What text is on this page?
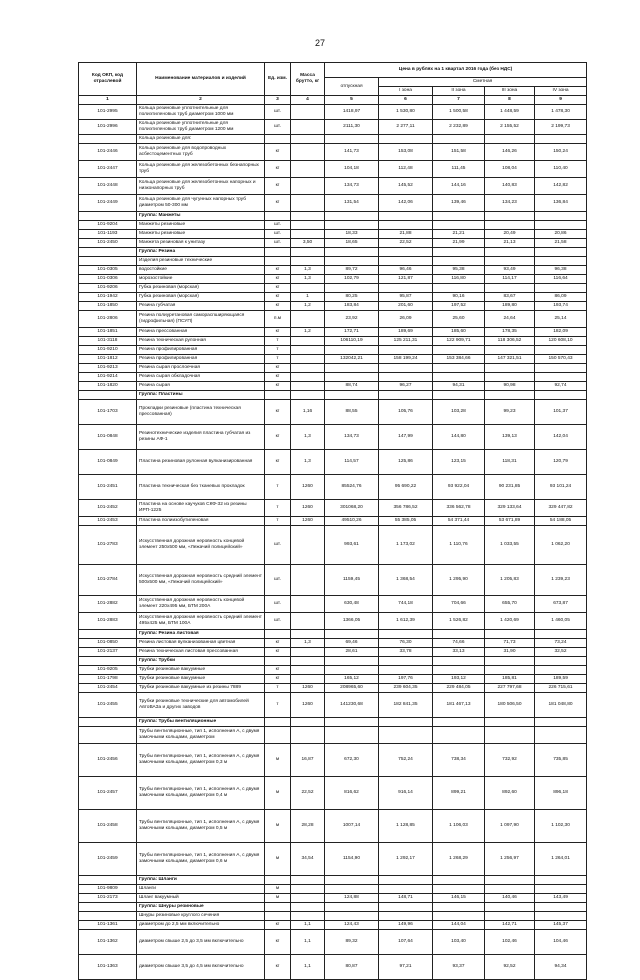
27
Код ОКП, код отраслевой	Наименование материалов и изделий	Ед. изм.	Масса брутто, кг	Цена в рублях на 1 квартал 2016 года (без НДС)				
				отпускная	Сметная			
					I зона	II зона	III зона	IV зона
1	2	3	4	5	6	7	8	9
101-2995	Кольца резиновые уплотнительные для полиэтиленовых труб диаметром 1000 мм	шт.		1418,97	1 530,80	1 500,58	1 448,59	1 478,30
101-2996	Кольца резиновые уплотнительные для полиэтиленовых труб диаметром 1200 мм	шт.		2111,30	2 277,11	2 232,89	2 155,52	2 199,73
	Кольца резиновые для:							
101-2446	Кольца резиновые для водопроводных асбестоцементных труб	кг		141,73	153,08	151,58	146,26	150,24
101-2447	Кольца резиновые для железобетонных безнапорных труб	кг		104,18	112,48	111,45	108,04	110,40
101-2448	Кольца резиновые для железобетонных напорных и низконапорных труб	кг		134,73	145,52	144,16	140,83	142,82
101-2449	Кольца резиновые для чугунных напорных труб диаметром 50-300 мм	кг		131,54	142,06	139,46	134,23	136,84
	Группа: Манжеты							
101-9204	Манжеты резиновые	шт.						
101-1193	Манжеты резиновые	шт.		18,33	21,88	21,21	20,49	20,86
101-2450	Манжета резиновая к унитазу	шт.	3,50	18,65	22,52	21,99	21,13	21,58
	Группа: Резина							
	Изделия резиновые технические							
101-0305	водостойкие	кг	1,3	89,72	96,46	95,38	93,49	96,38
101-0306	морозостойкие	кг	1,3	102,79	121,87	116,80	114,17	116,64
101-9206	Губка резиновая (морская)	кг						
101-1942	Губка резиновая (морская)	кг	1	80,25	95,87	90,16	83,67	86,09
101-1850	Резина губчатая	кг	1,2	183,84	201,60	197,52	189,80	193,74
101-2806	Резина полиуретановая самораспширяющаяся (гидрофильная) (ПСУП)	п.м		23,92	26,09	25,60	24,64	25,14
101-1851	Резина прессованная	кг	1,2	172,71	189,69	185,60	178,35	182,09
101-3118	Резина техническая рулонная	т		106110,19	125 211,31	122 909,71	118 306,52	120 608,10
101-9210	Резина профилированная	т						
101-1812	Резина профилированная	т		132042,21	158 199,24	153 384,66	147 321,51	150 570,43
101-9213	Резина сырая прослоечная	кг						
101-9214	Резина сырая обкладочная	кг						
101-1820	Резина сырая	кг		88,74	96,27	94,31	90,98	92,74
	Группа: Пластины							
101-1703	Прокладки резиновые (пластина техническая прессованная)	кг	1,16	88,55	105,76	103,28	99,23	101,37
101-0848	Резинотехнические изделия пластина губчатая из резины АФ-1	кг	1,3	134,73	147,99	144,80	139,13	142,04
101-0849	Пластина резиновая рулонная вулканизированная	кг	1,3	114,57	125,86	123,15	118,31	120,79
101-2451	Пластина техническая без тканевых прокладок	т	1260	85524,76	95 690,22	93 922,04	90 231,85	93 101,24
101-2452	Пластина на основе каучуков СКФ-32 из резины ИРП-1225	т	1260	301068,20	356 786,52	336 562,78	329 133,64	329 447,82
101-2453	Пластина полиизобутиленовая	т	1260	49510,26	55 385,05	54 371,44	53 671,89	54 188,05
101-2783	Искусственная дорожная неровность концевой элемент 250х500 мм, «Лежачий полицейский»	шт.		993,61	1 173,02	1 110,76	1 033,55	1 062,20
101-2784	Искусственная дорожная неровность средний элемент 500х500 мм, «Лежачий полицейский»	шт.		1159,45	1 368,54	1 295,90	1 205,83	1 239,23
101-2882	Искусственная дорожная неровность концевой элемент 220х495 мм, БТМ 200А	шт.		630,48	744,18	704,66	655,70	673,87
101-2883	Искусственная дорожная неровность средний элемент 495х425 мм, БТМ 100А	шт.		1366,05	1 612,39	1 526,82	1 420,69	1 460,05
	Группа: Резина листовая							
101-0850	Резина листовая вулканизованная цветная	кг	1,3	69,46	76,30	74,66	71,73	73,24
101-2137	Резина техническая листовая прессованная	кг		28,61	33,78	33,13	31,90	32,52
	Группа: Трубки							
101-9205	Трубки резиновые вакуумные	кг						
101-1798	Трубки резиновые вакуумные	кг		165,12	197,76	193,12	185,81	189,59
101-2454	Трубки резиновые вакуумные из резины 7889	т	1260	208965,60	239 604,35	229 484,05	227 797,68	226 715,61
101-2455	Трубки резиновые технические для автомобилей АвтоВАЗа и других заводов	т	1260	141230,68	182 841,35	181 467,13	180 506,50	181 048,80
	Группа: Трубы вентиляционные							
	Трубы вентиляционные, тип 1, исполнения А, с двумя замочными кольцами, диаметром							
101-2456	Трубы вентиляционные, тип 1, исполнения А, с двумя замочными кольцами, диаметром 0,3 м	м	16,87	672,30	752,24	738,34	732,92	735,85
101-2457	Трубы вентиляционные, тип 1, исполнения А, с двумя замочными кольцами, диаметром 0,4 м	м	22,52	816,62	916,14	899,21	892,60	896,18
101-2458	Трубы вентиляционные, тип 1, исполнения А, с двумя замочными кольцами, диаметром 0,5 м	м	28,28	1007,14	1 128,85	1 106,03	1 097,90	1 102,30
101-2459	Трубы вентиляционные, тип 1, исполнения А, с двумя замочными кольцами, диаметром 0,6 м	м	34,54	1154,90	1 292,17	1 268,29	1 256,97	1 264,01
	Группа: Шланги							
101-9809	Шланги	м						
101-2173	Шланг вакуумный	м		124,88	148,71	146,15	140,46	143,49
	Группа: Шнуры резиновые							
	Шнуры резиновые круглого сечения							
101-1361	диаметром до 2,5 мм включительно	кг	1,1	124,43	149,96	144,04	142,71	145,37
101-1362	диаметром свыше 2,5 до 3,5 мм включительно	кг	1,1	89,32	107,64	103,40	102,46	104,46
101-1363	диаметром свыше 3,5 до 4,5 мм включительно	кг	1,1	80,87	97,21	93,37	92,52	94,34
